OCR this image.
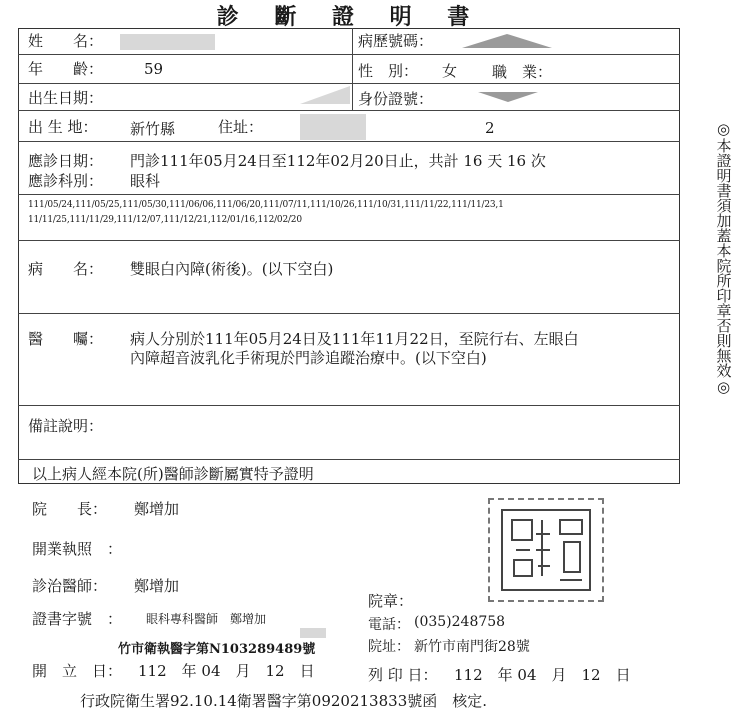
診 斷 證 明 書
姓　　名：	病歷號碼：
年　　齡：	59	性　別： 女 職　業：
出生日期：	身份證號：
出 生 地： 新竹縣	住址：	2
應診日期： 門診111年05月24日至112年02月20日止，共計 16 天 16 次
應診科別： 眼科
111/05/24,111/05/25,111/05/30,111/06/06,111/06/20,111/07/11,111/10/26,111/10/31,111/11/22,111/11/23,1
11/11/25,111/11/29,111/12/07,111/12/21,112/01/16,112/02/20
病　　名： 雙眼白內障(術後)。(以下空白)
醫　　囑： 病人分別於111年05月24日及111年11月22日，至院行右、左眼白
內障超音波乳化手術現於門診追蹤治療中。(以下空白)
備註說明：
以上病人經本院(所)醫師診斷屬實特予證明
院　　長： 鄭增加
開業執照　：
診治醫師： 鄭增加
證書字號　： 眼科專科醫師　鄭增加
竹市衛執醫字第N103289489號
開　立　日： 112　年 04　月　12　日
院章：
電話： (035)248758
院址： 新竹市南門街28號
列 印 日： 112　年 04　月　12　日
行政院衛生署92.10.14衛署醫字第0920213833號函　核定.
◎本證明書須加蓋本院所印章否則無效◎
